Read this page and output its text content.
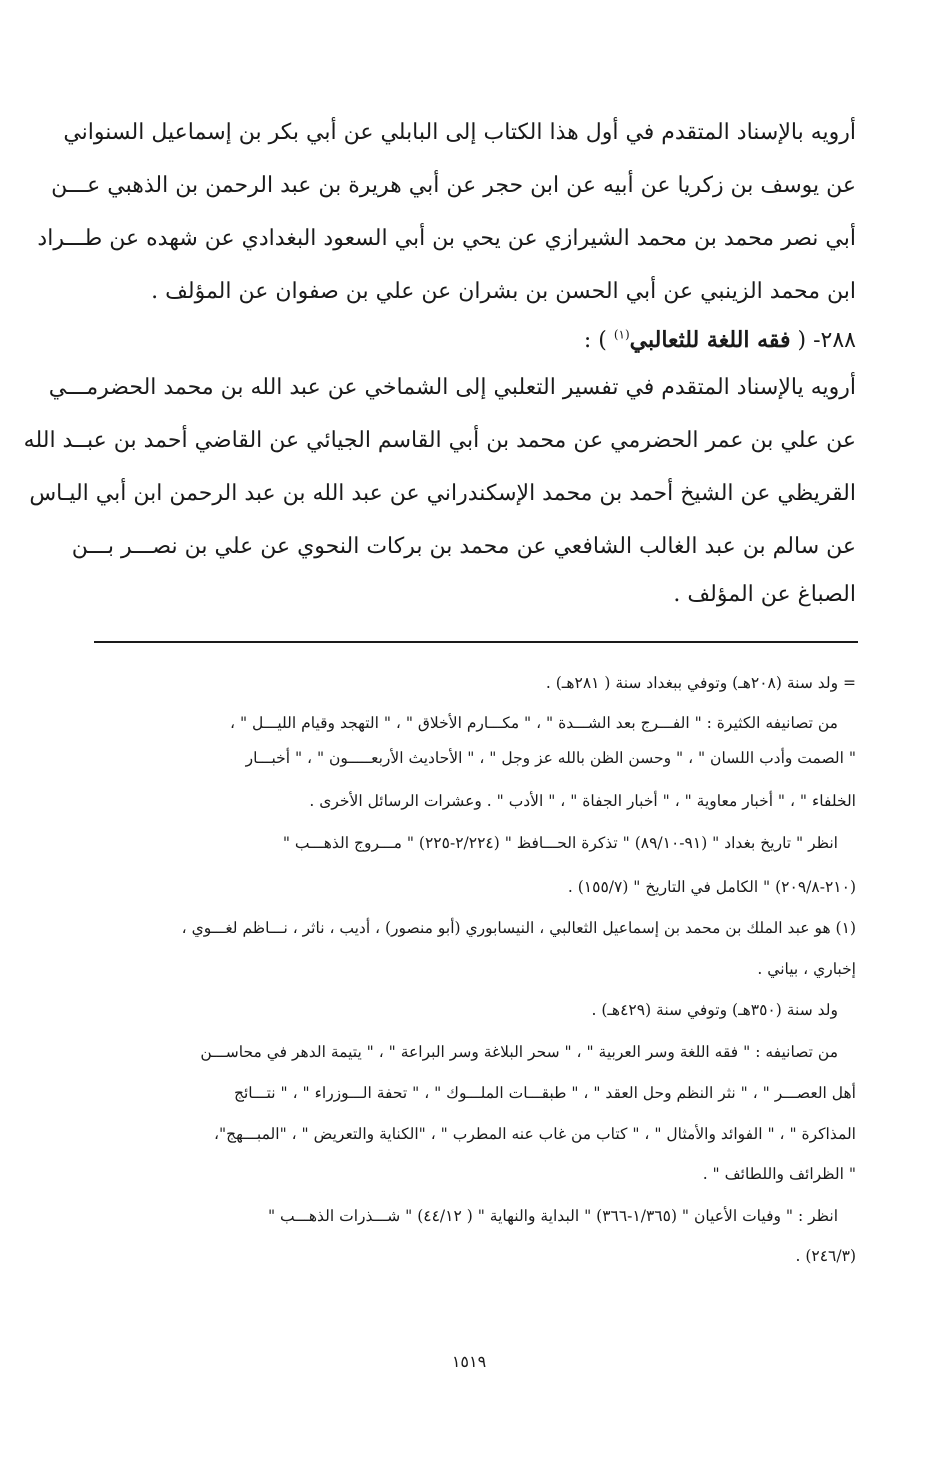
أرويه بالإسناد المتقدم في أول هذا الكتاب إلى البابلي عن أبي بكر بن إسماعيل السنواني
عن يوسف بن زكريا عن أبيه عن ابن حجر عن أبي هريرة بن عبد الرحمن بن الذهبي عـــن
أبي نصر محمد بن محمد الشيرازي عن يحي بن أبي السعود البغدادي عن شهده عن طـــراد
ابن محمد الزينبي عن أبي الحسن بن بشران عن علي بن صفوان عن المؤلف .
٢٨٨- ( فقه اللغة للثعالبي$^{(١)}$ ) :
أرويه يالإسناد المتقدم في تفسير التعلبي إلى الشماخي عن عبد الله بن محمد الحضرمـــي
عن علي بن عمر الحضرمي عن محمد بن أبي القاسم الجيائي عن القاضي أحمد بن عبــد الله
القريظي عن الشيخ أحمد بن محمد الإسكندراني عن عبد الله بن عبد الرحمن ابن أبي اليـاس
عن سالم بن عبد الغالب الشافعي عن محمد بن بركات النحوي عن علي بن نصـــر بـــن
الصباغ عن المؤلف .
= ولد سنة (٢٠٨هـ) وتوفي ببغداد سنة ( ٢٨١هـ) .
من تصانيفه الكثيرة : " الفـــرج بعد الشـــدة " ، " مكـــارم الأخلاق " ، " التهجد وقيام الليـــل " ،
" الصمت وأدب اللسان " ، " وحسن الظن بالله عز وجل " ، " الأحاديث الأربعـــــون " ، " أخبـــار
الخلفاء " ، " أخبار معاوية " ، " أخبار الجفاة " ، " الأدب " . وعشرات الرسائل الأخرى .
انظر " تاريخ بغداد " (٩١-٨٩/١٠) " تذكرة الحـــافظ " (٢/٢٢٤-٢٢٥) " مـــروج الذهـــب "
(٢١٠-٢٠٩/٨) " الكامل في التاريخ " (١٥٥/٧) .
(١) هو عبد الملك بن محمد بن إسماعيل الثعالبي ، النيسابوري (أبو منصور) ، أديب ، ناثر ، نـــاظم لغـــوي ،
إخباري ، بياني .
ولد سنة (٣٥٠هـ) وتوفي سنة (٤٢٩هـ) .
من تصانيفه : " فقه اللغة وسر العربية " ، " سحر البلاغة وسر البراعة " ، " يتيمة الدهر في محاســـن
أهل العصـــر " ، " نثر النظم وحل العقد " ، " طبقـــات الملـــوك " ، " تحفة الـــوزراء " ، " نتـــائج
المذاكرة " ، " الفوائد والأمثال " ، " كتاب من غاب عنه المطرب " ، "الكناية والتعريض " ، "المبـــهج"،
" الظرائف واللطائف " .
انظر : " وفيات الأعيان " (١/٣٦٥-٣٦٦) " البداية والنهاية " ( ٤٤/١٢) " شـــذرات الذهـــب "
(٢٤٦/٣) .
١٥١٩
